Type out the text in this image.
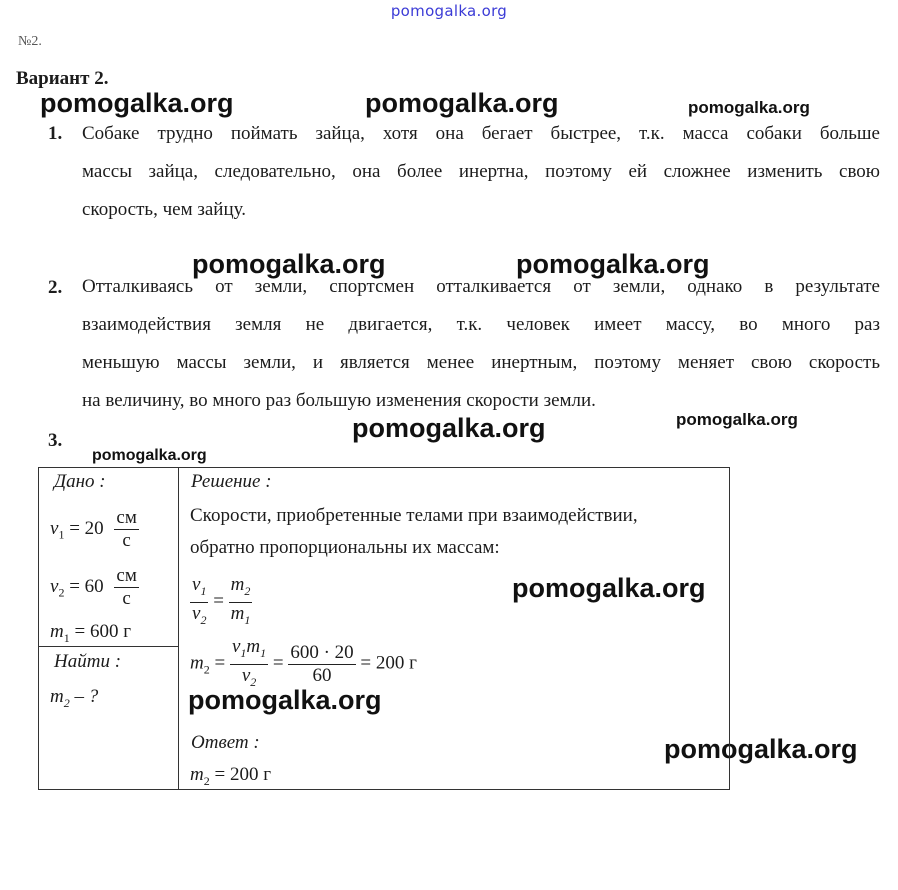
pomogalka.org
№2.
Вариант 2.
pomogalka.org	pomogalka.org	pomogalka.org
pomogalka.org	pomogalka.org
pomogalka.org	pomogalka.org
pomogalka.org
pomogalka.org
pomogalka.org
pomogalka.org
1. Собаке трудно поймать зайца, хотя она бегает быстрее, т.к. масса собаки больше
массы зайца, следовательно, она более инертна, поэтому ей сложнее изменить свою
скорость, чем зайцу.
2. Отталкиваясь от земли, спортсмен отталкивается от земли, однако в результате
взаимодействия земля не двигается, т.к. человек имеет массу, во много раз
меньшую массы земли, и является менее инертным, поэтому меняет свою скорость
на величину, во много раз большую изменения скорости земли.
3.
Дано :
$v_1 = 20 \frac{см}{с}$
$v_2 = 60 \frac{см}{с}$
$m_1 = 600$ г
Найти :
$m_2$ – ?
Решение :
Скорости, приобретенные телами при взаимодействии,
обратно пропорциональны их массам:
$\frac{v_1}{v_2} = \frac{m_2}{m_1}$
$m_2 = \frac{v_1m_1}{v_2} = \frac{600 \cdot 20}{60} = 200$ г
Ответ :
$m_2 = 200$ г
